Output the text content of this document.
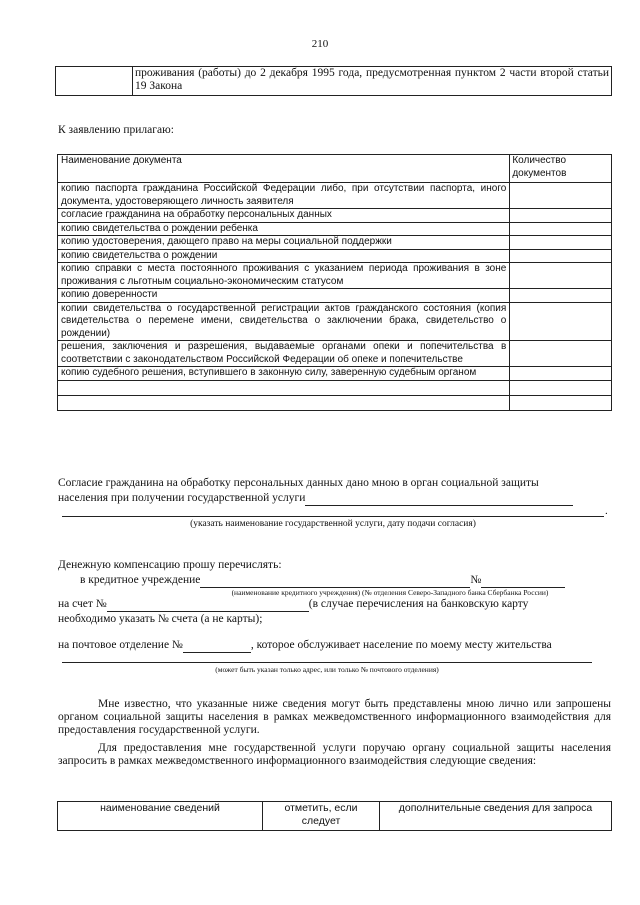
210
	проживания (работы) до 2 декабря 1995 года, предусмотренная пунктом 2 части второй статьи 19 Закона
К заявлению прилагаю:
Наименование документа	Количество документов
копию паспорта гражданина Российской Федерации либо, при отсутствии паспорта, иного документа, удостоверяющего личность заявителя	
согласие гражданина на обработку персональных данных	
копию свидетельства о рождении ребенка	
копию удостоверения, дающего право на меры социальной поддержки	
копию свидетельства о рождении	
копию справки с места постоянного проживания с указанием периода проживания в зоне проживания с льготным социально-экономическим статусом	
копию доверенности	
копии свидетельства о государственной регистрации актов гражданского состояния (копия свидетельства о перемене имени, свидетельства о заключении брака, свидетельство о рождении)	
решения, заключения и разрешения, выдаваемые органами опеки и попечительства в соответствии с законодательством Российской Федерации об опеке и попечительстве	
копию судебного решения, вступившего в законную силу, заверенную судебным органом	

Согласие гражданина на обработку персональных данных дано мною в орган социальной защиты
населения при получении государственной услуги
.
(указать наименование государственной услуги, дату подачи согласия)
Денежную компенсацию прошу перечислять:
в кредитное учреждение	№
(наименование кредитного учреждения) (№ отделения Северо-Западного банка Сбербанка России)
на счет №	(в случае перечисления на банковскую карту
необходимо указать № счета (а не карты);
на почтовое отделение №	, которое обслуживает население по моему месту жительства
(может быть указан только адрес, или только № почтового отделения)
Мне известно, что указанные ниже сведения могут быть представлены мною лично или запрошены органом социальной защиты населения в рамках межведомственного информационного взаимодействия для предоставления государственной услуги.
Для предоставления мне государственной услуги поручаю органу социальной защиты населения запросить в рамках межведомственного информационного взаимодействия следующие сведения:
наименование сведений	отметить, если следует	дополнительные сведения для запроса
